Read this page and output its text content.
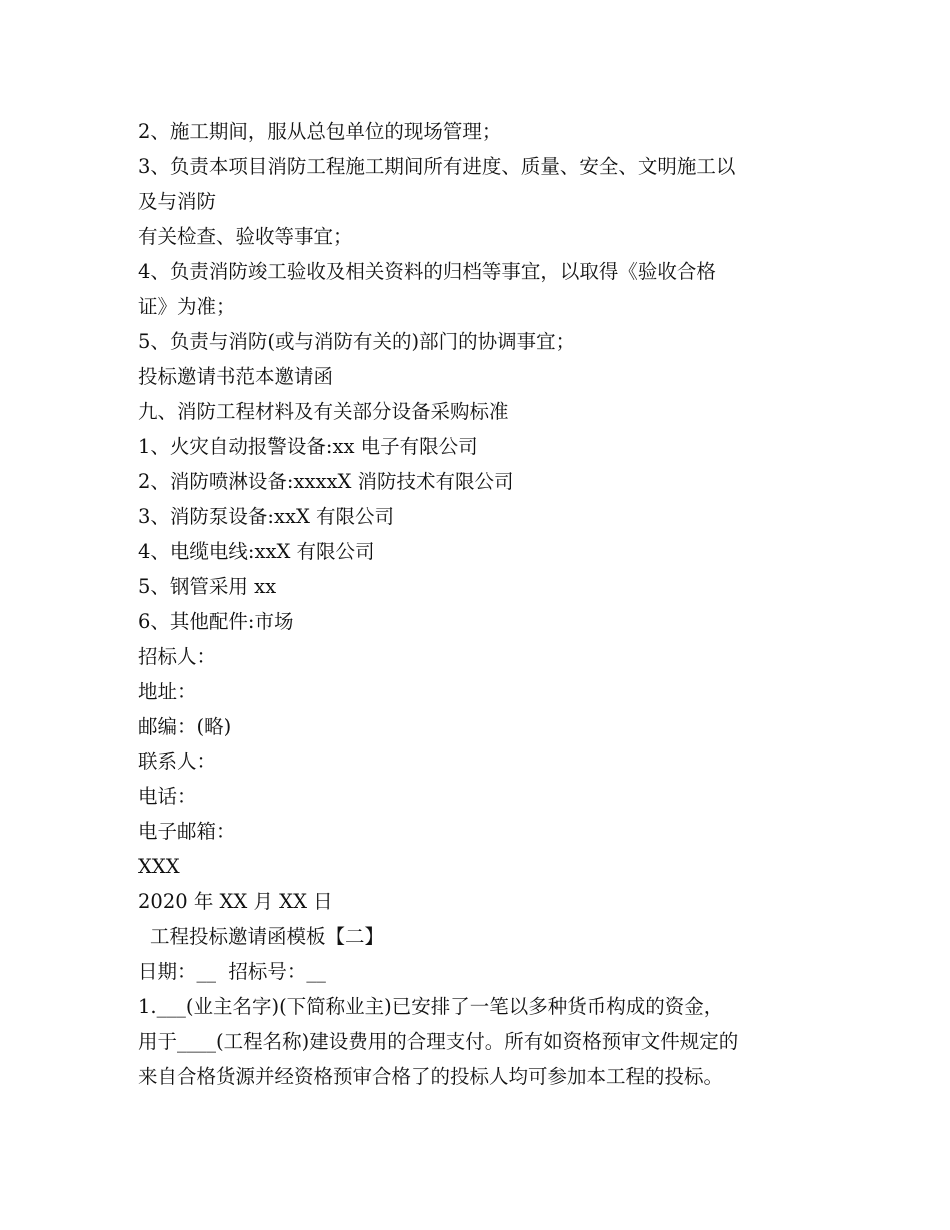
2、施工期间，服从总包单位的现场管理；
3、负责本项目消防工程施工期间所有进度、质量、安全、文明施工以
及与消防
有关检查、验收等事宜；
4、负责消防竣工验收及相关资料的归档等事宜，以取得《验收合格
证》为准；
5、负责与消防(或与消防有关的)部门的协调事宜；
投标邀请书范本邀请函
九、消防工程材料及有关部分设备采购标准
1、火灾自动报警设备:xx 电子有限公司
2、消防喷淋设备:xxxxX 消防技术有限公司
3、消防泵设备:xxX 有限公司
4、电缆电线:xxX 有限公司
5、钢管采用 xx
6、其他配件:市场
招标人：
地址：
邮编：(略)
联系人：
电话：
电子邮箱：
XXX
2020 年 XX 月 XX 日
工程投标邀请函模板【二】
日期：__  招标号：__
1.___(业主名字)(下简称业主)已安排了一笔以多种货币构成的资金，
用于____(工程名称)建设费用的合理支付。所有如资格预审文件规定的
来自合格货源并经资格预审合格了的投标人均可参加本工程的投标。
